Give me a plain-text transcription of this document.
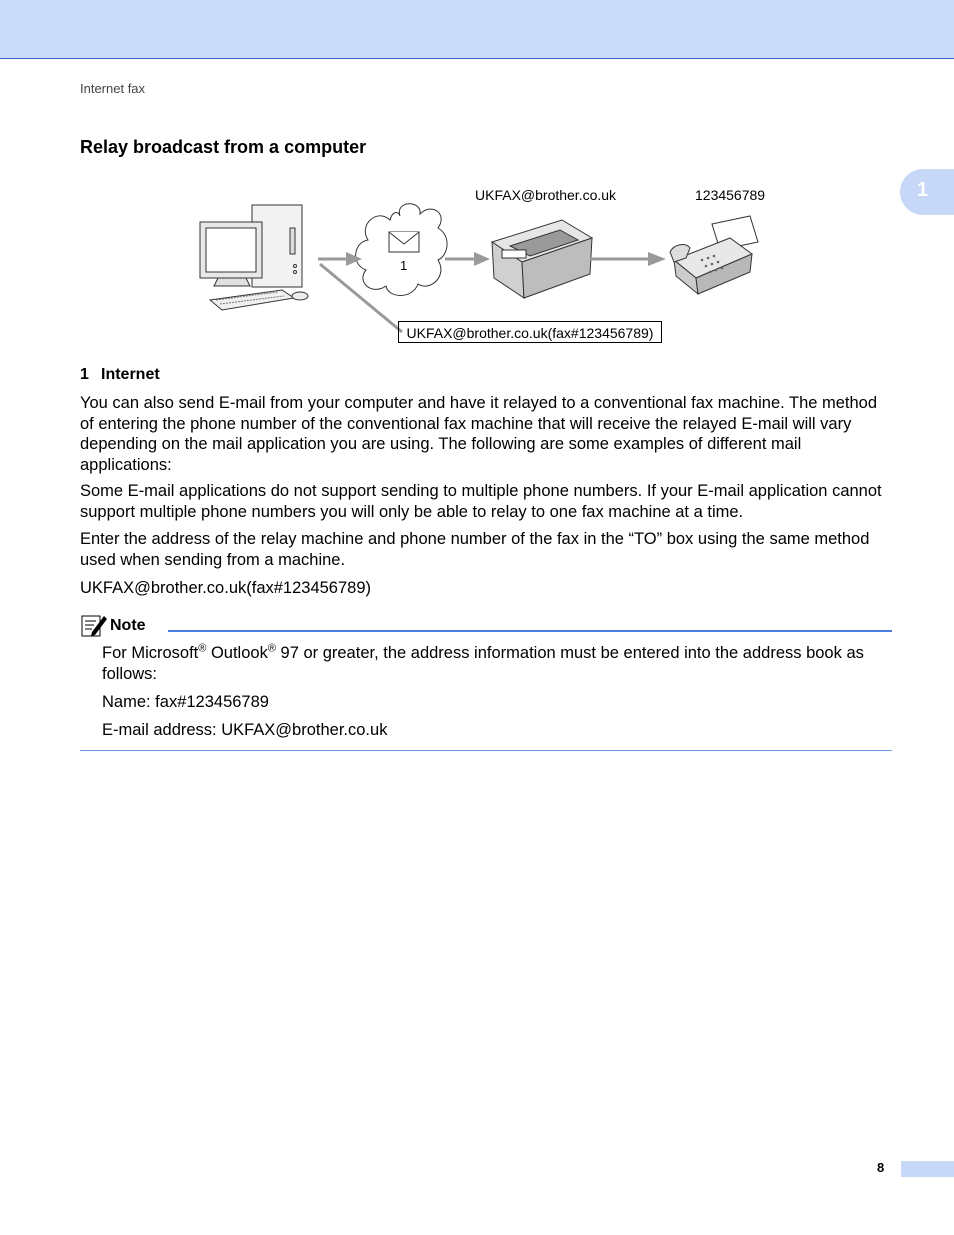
Internet fax
1
Relay broadcast from a computer
UKFAX@brother.co.uk	123456789
1
UKFAX@brother.co.uk(fax#123456789)
1 Internet

You can also send E-mail from your computer and have it relayed to a conventional fax machine. The method of entering the phone number of the conventional fax machine that will receive the relayed E-mail will vary depending on the mail application you are using. The following are some examples of different mail applications:

Some E-mail applications do not support sending to multiple phone numbers. If your E-mail application cannot support multiple phone numbers you will only be able to relay to one fax machine at a time.

Enter the address of the relay machine and phone number of the fax in the “TO” box using the same method used when sending from a machine.

UKFAX@brother.co.uk(fax#123456789)

Note

For Microsoft® Outlook® 97 or greater, the address information must be entered into the address book as follows:

Name: fax#123456789

E-mail address: UKFAX@brother.co.uk

8
